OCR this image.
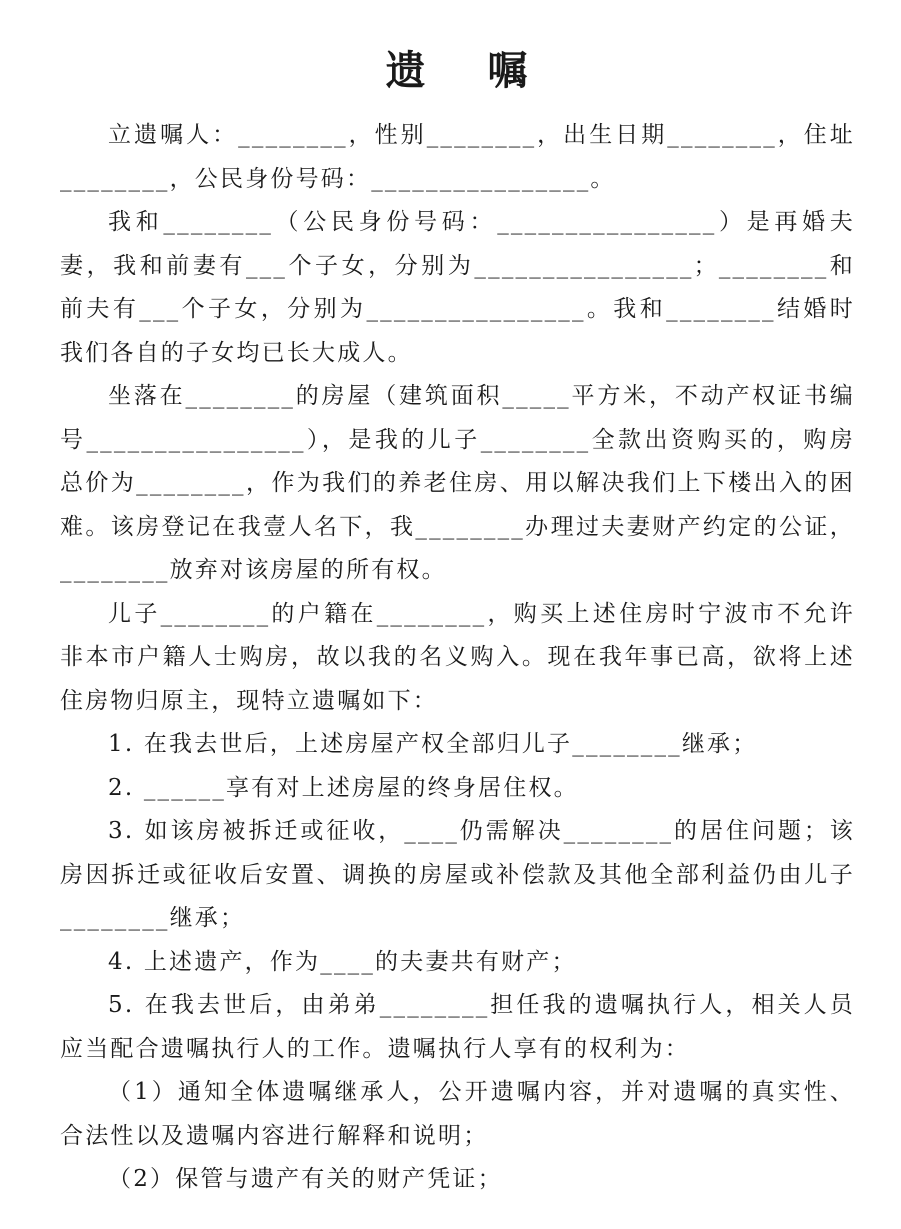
遗 嘱

立遗嘱人：________，性别________，出生日期________，住址________，公民身份号码：________________。

我和________（公民身份号码：________________）是再婚夫妻，我和前妻有___个子女，分别为________________；________和前夫有___个子女，分别为________________。我和________结婚时我们各自的子女均已长大成人。

坐落在________的房屋（建筑面积_____平方米，不动产权证书编号________________），是我的儿子________全款出资购买的，购房总价为________，作为我们的养老住房、用以解决我们上下楼出入的困难。该房登记在我壹人名下，我________办理过夫妻财产约定的公证，________放弃对该房屋的所有权。

儿子________的户籍在________，购买上述住房时宁波市不允许非本市户籍人士购房，故以我的名义购入。现在我年事已高，欲将上述住房物归原主，现特立遗嘱如下：

1. 在我去世后，上述房屋产权全部归儿子________继承；

2. ______享有对上述房屋的终身居住权。

3. 如该房被拆迁或征收，____仍需解决________的居住问题；该房因拆迁或征收后安置、调换的房屋或补偿款及其他全部利益仍由儿子________继承；

4. 上述遗产，作为____的夫妻共有财产；

5. 在我去世后，由弟弟________担任我的遗嘱执行人，相关人员应当配合遗嘱执行人的工作。遗嘱执行人享有的权利为：

（1）通知全体遗嘱继承人，公开遗嘱内容，并对遗嘱的真实性、合法性以及遗嘱内容进行解释和说明；

（2）保管与遗产有关的财产凭证；
